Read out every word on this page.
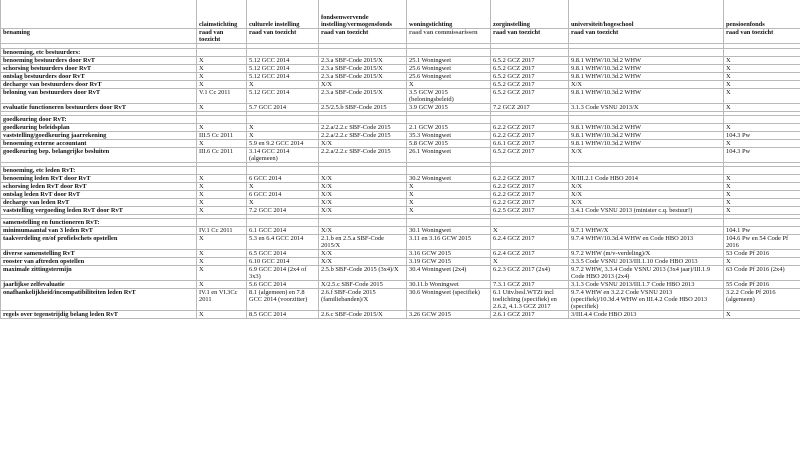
	claimstichting	culturele instelling	fondsenwervende instelling/vermogensfonds	woningstichting	zorginstelling	universiteit/hogeschool	pensioenfonds
benaming	raad van toezicht	raad van toezicht	raad van toezicht	raad van commissarissen	raad van toezicht	raad van toezicht	raad van toezicht

benoeming, etc bestuurders:							
benoeming bestuurders door RvT	X	5.12 GCC 2014	2.3.a SBF-Code 2015/X	25.1 Woningwet	6.5.2 GCZ 2017	9.8.1 WHW/10.3d.2 WHW	X
schorsing bestuurders door RvT	X	5.12 GCC 2014	2.3.a SBF-Code 2015/X	25.6 Woningwet	6.5.2 GCZ 2017	9.8.1 WHW/10.3d.2 WHW	X
ontslag bestuurders door RvT	X	5.12 GCC 2014	2.3.a SBF-Code 2015/X	25.6 Woningwet	6.5.2 GCZ 2017	9.8.1 WHW/10.3d.2 WHW	X
decharge van bestuurders door RvT	X	X	X/X	X	6.5.2 GCZ 2017	X/X	X
beloning van bestuurders door RvT	V.1 Cc 2011	5.12 GCC 2014	2.3.a SBF-Code 2015/X	3.5 GCW 2015 (beloningsbeleid)	6.5.2 GCZ 2017	9.8.1 WHW/10.3d.2 WHW	X
evaluatie functioneren bestuurders door RvT	X	5.7 GCC 2014	2.5/2.5.b SBF-Code 2015	3.9 GCW 2015	7.2 GCZ 2017	3.1.3 Code VSNU 2013/X	X

goedkeuring door RvT:							
goedkeuring beleidsplan	X	X	2.2.a/2.2.c SBF-Code 2015	2.1 GCW 2015	6.2.2 GCZ 2017	9.8.1 WHW/10.3d.2 WHW	X
vaststelling/goedkeuring jaarrekening	III.5 Cc 2011	X	2.2.a/2.2.c SBF-Code 2015	35.3 Woningwet	6.2.2 GCZ 2017	9.8.1 WHW/10.3d.2 WHW	104.3 Pw
benoeming externe accountant	X	5.9 en 9.2 GCC 2014	X/X	5.8 GCW 2015	6.6.1 GCZ 2017	9.8.1 WHW/10.3d.2 WHW	X
goedkeuring bep. belangrijke besluiten	III.6 Cc 2011	3.14 GCC 2014 (algemeen)	2.2.a/2.2.c SBF-Code 2015	26.1 Woningwet	6.5.2 GCZ 2017	X/X	104.3 Pw

benoeming, etc leden RvT:							
benoeming leden RvT door RvT	X	6 GCC 2014	X/X	30.2 Woningwet	6.2.2 GCZ 2017	X/III.2.1 Code HBO 2014	X
schorsing leden RvT door RvT	X	X	X/X	X	6.2.2 GCZ 2017	X/X	X
ontslag leden RvT door RvT	X	6 GCC 2014	X/X	X	6.2.2 GCZ 2017	X/X	X
decharge van leden RvT	X	X	X/X	X	6.2.2 GCZ 2017	X/X	X
vaststelling vergoeding leden RvT door RvT	X	7.2 GCC 2014	X/X	X	6.2.5 GCZ 2017	3.4.1 Code VSNU 2013 (minister c.q. bestuur!)	X

samenstelling en functioneren RvT:							
minimumaantal van 3 leden RvT	IV.1 Cc 2011	6.1 GCC 2014	X/X	30.1 Woningwet	X	9.7.1 WHW/X	104.1 Pw
taakverdeling en/of profielschets opstellen	X	5.3 en 6.4 GCC 2014	2.1.b en 2.5.a SBF-Code 2015/X	3.11 en 3.16 GCW 2015	6.2.4 GCZ 2017	9.7.4 WHW/10.3d.4 WHW en Code HBO 2013	104.6 Pw en 54 Code Pf 2016
diverse samenstelling RvT	X	6.5 GCC 2014	X/X	3.16 GCW 2015	6.2.4 GCZ 2017	9.7.2 WHW (m/v-verdeling)/X	53 Code Pf 2016
rooster van aftreden opstellen	X	6.10 GCC 2014	X/X	3.19 GCW 2015	X	3.3.5 Code VSNU 2013/III.1.10 Code HBO 2013	X
maximale zittingstermijn	X	6.9 GCC 2014 (2x4 of 3x3)	2.5.b SBF-Code 2015 (3x4)/X	30.4 Woningwet (2x4)	6.2.3 GCZ 2017 (2x4)	9.7.2 WHW, 3.3.4 Code VSNU 2013 (3x4 jaar)/III.1.9 Code HBO 2013 (2x4)	63 Code Pf 2016 (2x4)
jaarlijkse zelfevaluatie	X	5.6 GCC 2014	X/2.5.c SBF-Code 2015	30.11.b Woningwet	7.3.1 GCZ 2017	3.1.3 Code VSNU 2013/III.1.7 Code HBO 2013	55 Code Pf 2016
onafhankelijkheid/incompatibiliteiten leden RvT	IV.1 en VI.3Cc 2011	8.1 (algemeen) en 7.8 GCC 2014 (voorzitter)	2.6.f SBF-Code 2015 (familiebanden)/X	30.6 Woningwet (specifiek)	6.1 Uitv.besl.WTZi incl toelichting (specifiek) en 2.6.2, 4.1.3 GCZ 2017	9.7.4 WHW en 3.2.2 Code VSNU 2013 (specifiek)/10.3d.4 WHW en III.4.2 Code HBO 2013 (specifiek)	3.2.2 Code Pf 2016 (algemeen)
regels over tegenstrijdig belang leden RvT	X	8.5 GCC 2014	2.6.c SBF-Code 2015/X	3.26 GCW 2015	2.6.1 GCZ 2017	3/III.4.4 Code HBO 2013	X
